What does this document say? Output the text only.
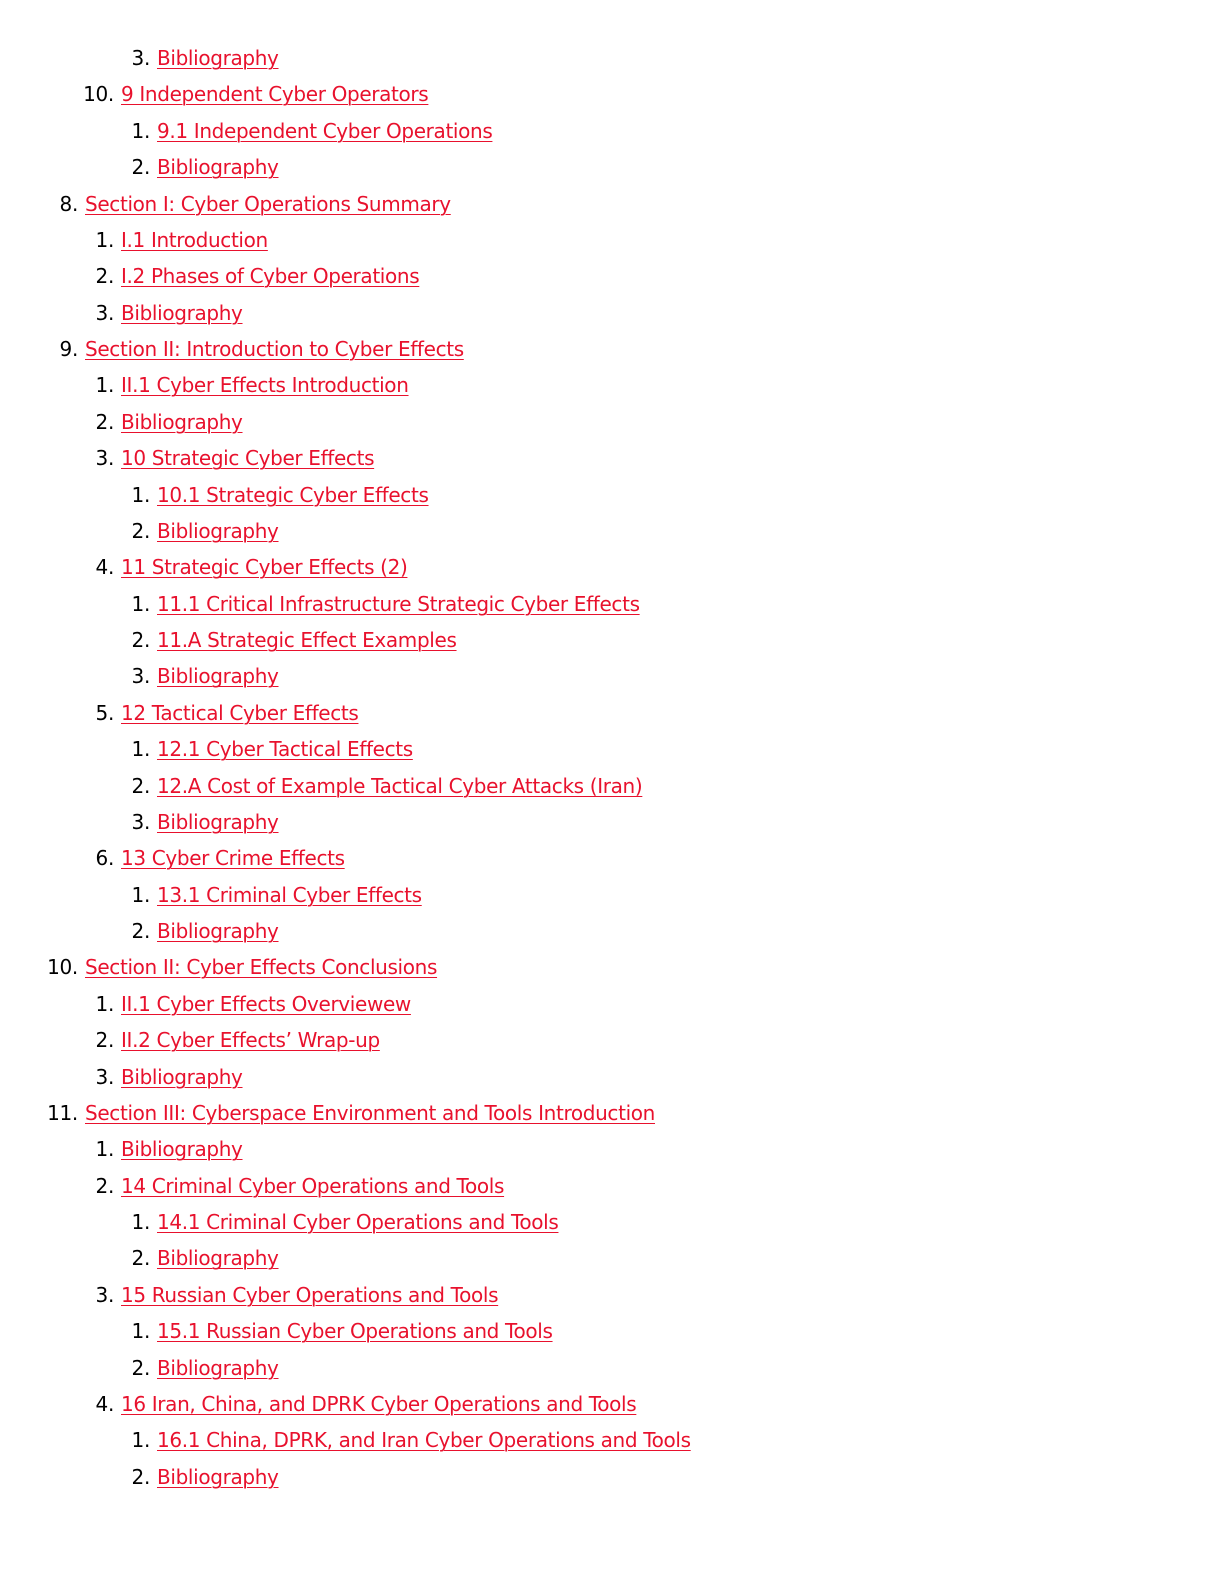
3. Bibliography
10. 9 Independent Cyber Operators
1. 9.1 Independent Cyber Operations
2. Bibliography
8. Section I: Cyber Operations Summary
1. I.1 Introduction
2. I.2 Phases of Cyber Operations
3. Bibliography
9. Section II: Introduction to Cyber Effects
1. II.1 Cyber Effects Introduction
2. Bibliography
3. 10 Strategic Cyber Effects
1. 10.1 Strategic Cyber Effects
2. Bibliography
4. 11 Strategic Cyber Effects (2)
1. 11.1 Critical Infrastructure Strategic Cyber Effects
2. 11.A Strategic Effect Examples
3. Bibliography
5. 12 Tactical Cyber Effects
1. 12.1 Cyber Tactical Effects
2. 12.A Cost of Example Tactical Cyber Attacks (Iran)
3. Bibliography
6. 13 Cyber Crime Effects
1. 13.1 Criminal Cyber Effects
2. Bibliography
10. Section II: Cyber Effects Conclusions
1. II.1 Cyber Effects Overviewew
2. II.2 Cyber Effects’ Wrap-up
3. Bibliography
11. Section III: Cyberspace Environment and Tools Introduction
1. Bibliography
2. 14 Criminal Cyber Operations and Tools
1. 14.1 Criminal Cyber Operations and Tools
2. Bibliography
3. 15 Russian Cyber Operations and Tools
1. 15.1 Russian Cyber Operations and Tools
2. Bibliography
4. 16 Iran, China, and DPRK Cyber Operations and Tools
1. 16.1 China, DPRK, and Iran Cyber Operations and Tools
2. Bibliography
